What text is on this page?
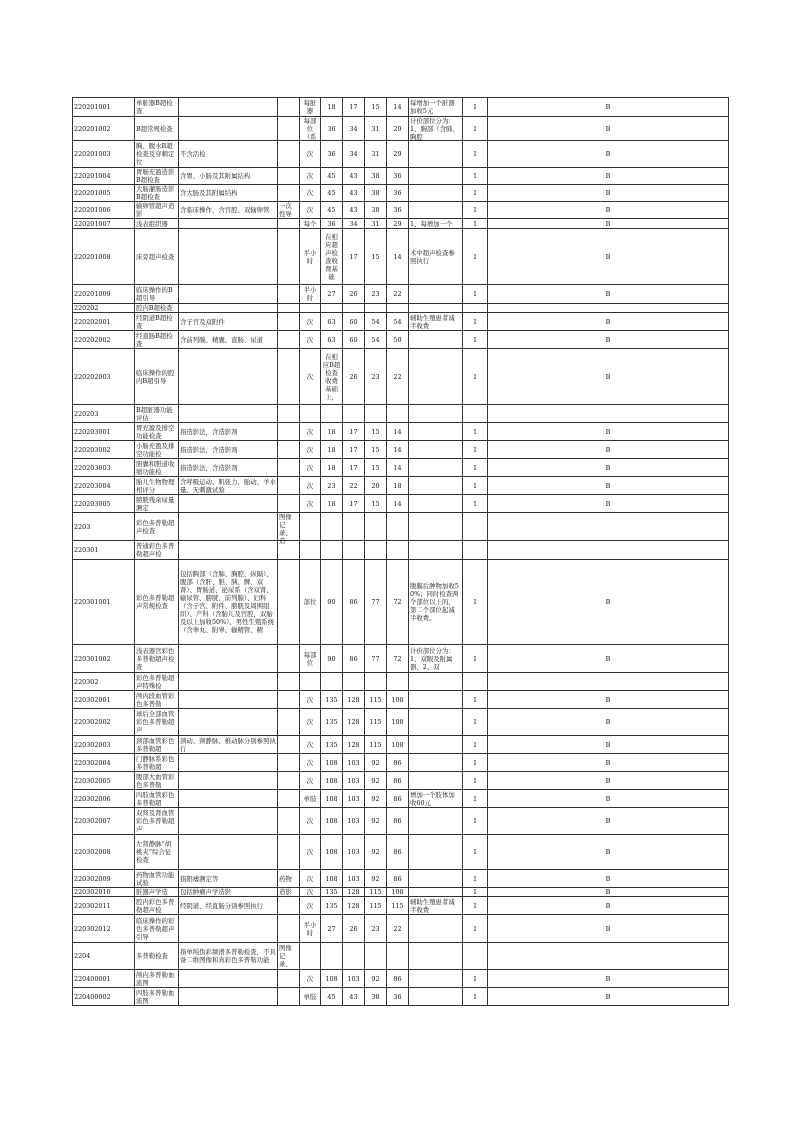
220201001	单脏器B超检查			每脏器	18	17	15	14	每增加一个脏器加收5元	1	B

220201002	B超常规检查			每部位（系	36	34	31	29	计价部位分为：1、胸部（含肺、胸腔	1	B

220201003	胸、腹水B超检查及穿刺定位	不含活检		次	36	34	31	29		1	B

220201004	胃肠充盈造影B超检查	含胃、小肠及其附属结构		次	45	43	38	36		1	B

220201005	大肠灌肠造影B超检查	含大肠及其附属结构		次	45	43	38	36		1	B

220201006	输卵管超声造影	含临床操作，含宫腔、双输卵管	一次性导	次	45	43	38	36		1	B

220201007	浅表组织器			每个	36	34	31	29	1、每增加一个	1	B

220201008	床旁超声检查			半小时	在相应超声检查收费基础	17	15	14	术中超声检查参照执行	1	B

220201009	临床操作的B超引导			半小时	27	26	23	22		1	B

220202	腔内B超检查										

220202001	经阴道B超检查	含子宫及双附件		次	63	60	54	54	辅助生殖患者减半收费	1	B

220202002	经直肠B超检查	含前列腺、精囊、直肠、尿道		次	63	60	54	50		1	B

220202003	临床操作的腔内B超引导			次	在相应B超检查收费基础上，	26	23	22		1	B

220203	B超脏器功能评估										

220203001	胃充盈及排空功能检查	指造影法，含造影剂		次	18	17	15	14		1	B

220203002	小肠充盈及排空功能检	指造影法，含造影剂		次	18	17	15	14		1	B

220203003	胆囊和胆道收缩功能检	指造影法，含造影剂		次	18	17	15	14		1	B

220203004	胎儿生物物理相评分	含呼吸运动、肌张力、胎动、羊水量、无刺激试验		次	23	22	20	18		1	B

220203005	膀胱残余尿量测定			次	18	17	15	14		1	B

2203	彩色多普勒超声检查		图像记录、造								

220301	普通彩色多普勒超声检										

220301001	彩色多普勒超声常规检查	包括胸部（含肺、胸腔、纵隔）、腹部（含肝、胆、胰、脾、双肾）、胃肠道、泌尿系（含双肾、输尿管、膀胱、前列腺）、妇科（含子宫、附件、膀胱及周围组织）、产科（含胎儿及宫腔，双胎及以上加收50%）、男性生殖系统（含睾丸、附睾、输精管、精		部位	90	86	77	72	腹膜后肿物加收50%；同时检查两个部位以上的，第二个部位起减半收费。	1	B

220301002	浅表器官彩色多普勒超声检查			每部位	90	86	77	72	计价部位分为：1、双眼及附属器、2、双	1	B

220302	彩色多普勒超声特殊检										

220302001	颅内段血管彩色多普勒			次	135	128	115	108		1	B

220302002	球后全部血管彩色多普勒超声			次	135	128	115	108		1	B

220302003	颈部血管彩色多普勒超	颈动、颈静脉、椎动脉分别参照执行		次	135	128	115	108		1	B

220302004	门静脉系彩色多普勒超			次	108	103	92	86		1	B

220302005	腹部大血管彩色多普勒			次	108	103	92	86		1	B

220302006	四肢血管彩色多普勒超			单肢	108	103	92	86	增加一个肢体加收60元	1	B

220302007	双肾及肾血管彩色多普勒超声			次	108	103	92	86		1	B

220302008	左肾静脉“胡桃夹”综合征检查			次	108	103	92	86		1	B

220302009	药物血管功能试验	指阳痿测定等	药物	次	108	103	92	86		1	B

220302010	脏器声学造	包括肿瘤声学造影	造影	次	135	128	115	108		1	B

220302011	腔内彩色多普勒超声检	经阴道、经直肠分别参照执行		次	135	128	115	115	辅助生殖患者减半收费	1	B

220302012	临床操作的彩色多普勒超声引导			半小时	27	26	23	22		1	B

2204	多普勒检查	指单纯伪彩频谱多普勒检查，不具备二维图像和真彩色多普勒功能	图像记录、								

220400001	颅内多普勒血流图			次	108	103	92	86		1	B

220400002	四肢多普勒血流图			单肢	45	43	38	36		1	B
